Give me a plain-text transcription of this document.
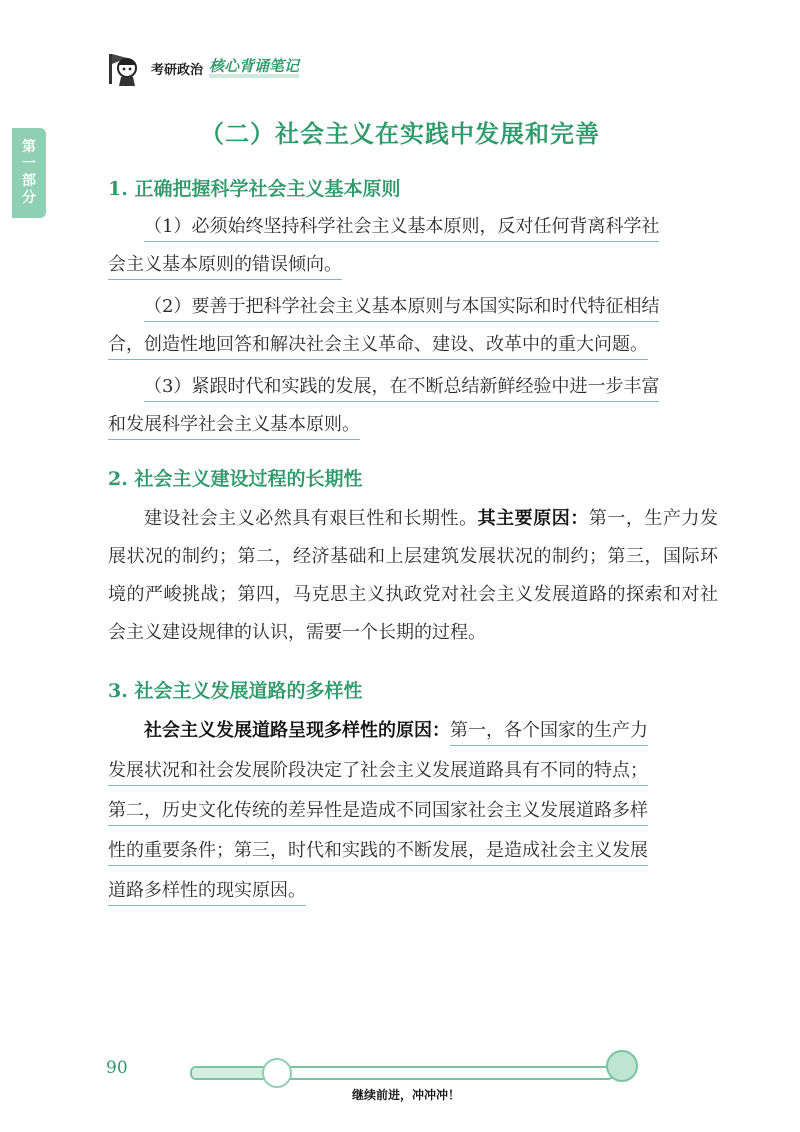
考研政治 核心背诵笔记
第
一
部
分
（二）社会主义在实践中发展和完善
1. 正确把握科学社会主义基本原则

（1）必须始终坚持科学社会主义基本原则，反对任何背离科学社

会主义基本原则的错误倾向。

（2）要善于把科学社会主义基本原则与本国实际和时代特征相结

合，创造性地回答和解决社会主义革命、建设、改革中的重大问题。

（3）紧跟时代和实践的发展，在不断总结新鲜经验中进一步丰富

和发展科学社会主义基本原则。

2. 社会主义建设过程的长期性

建设社会主义必然具有艰巨性和长期性。其主要原因：第一，生产力发展状况的制约；第二，经济基础和上层建筑发展状况的制约；第三，国际环境的严峻挑战；第四，马克思主义执政党对社会主义发展道路的探索和对社会主义建设规律的认识，需要一个长期的过程。

3. 社会主义发展道路的多样性

社会主义发展道路呈现多样性的原因：第一，各个国家的生产力

发展状况和社会发展阶段决定了社会主义发展道路具有不同的特点；

第二，历史文化传统的差异性是造成不同国家社会主义发展道路多样

性的重要条件；第三，时代和实践的不断发展，是造成社会主义发展

道路多样性的现实原因。

90
继续前进，冲冲冲！
